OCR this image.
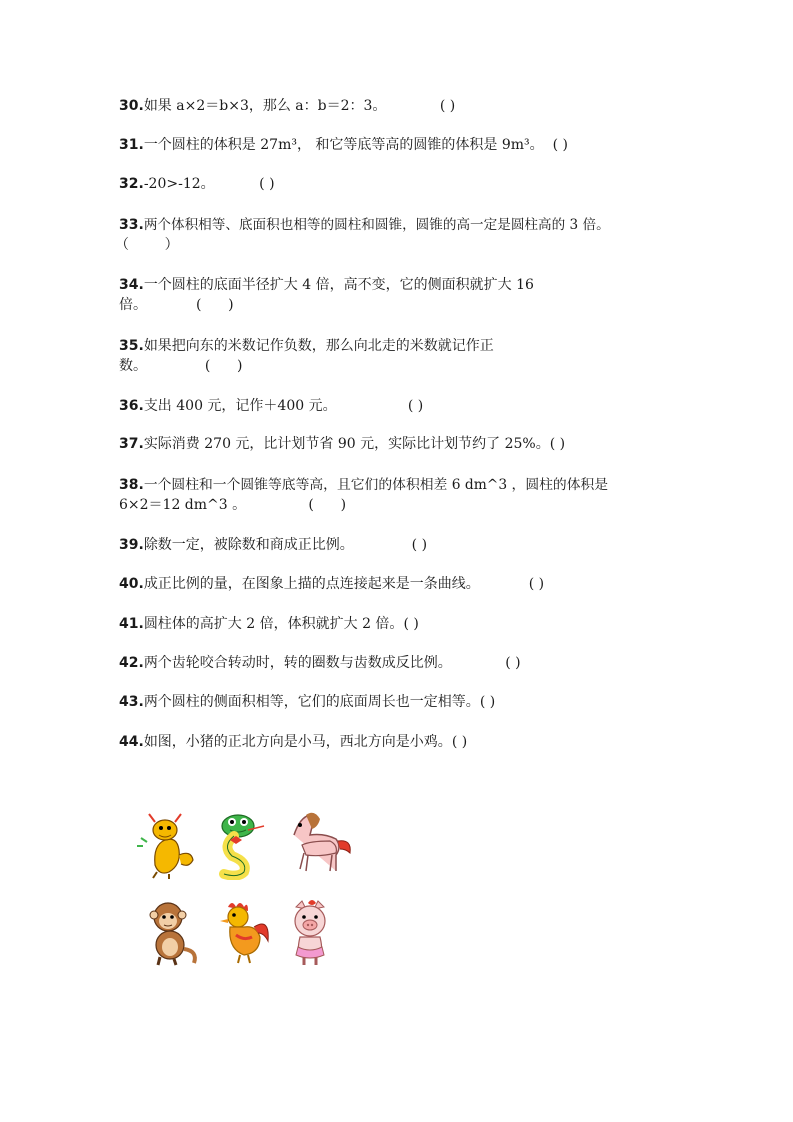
30.如果 a×2＝b×3，那么 a：b＝2：3。	( )
31.一个圆柱的体积是 27m³， 和它等底等高的圆锥的体积是 9m³。 ( )
32.-20>-12。	( )
33.两个体积相等、底面积也相等的圆柱和圆锥，圆锥的高一定是圆柱高的 3 倍。
（        ）
34.一个圆柱的底面半径扩大 4 倍，高不变，它的侧面积就扩大 16
倍。           (      )
35.如果把向东的米数记作负数，那么向北走的米数就记作正
数。             (      )
36.支出 400 元，记作＋400 元。	( )
37.实际消费 270 元，比计划节省 90 元，实际比计划节约了 25%。( )
38.一个圆柱和一个圆锥等底等高，且它们的体积相差 6 dm^3 ，圆柱的体积是
6×2＝12 dm^3 。              (      )
39.除数一定，被除数和商成正比例。	( )
40.成正比例的量，在图象上描的点连接起来是一条曲线。	( )
41.圆柱体的高扩大 2 倍，体积就扩大 2 倍。( )
42.两个齿轮咬合转动时，转的圈数与齿数成反比例。	( )
43.两个圆柱的侧面积相等，它们的底面周长也一定相等。( )
44.如图，小猪的正北方向是小马，西北方向是小鸡。( )
